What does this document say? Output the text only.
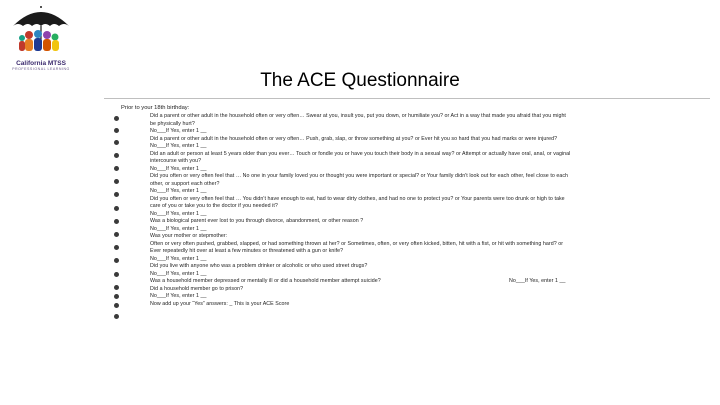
California MTSS
PROFESSIONAL LEARNING
The ACE Questionnaire
Prior to your 18th birthday:
Did a parent or other adult in the household often or very often… Swear at you, insult you, put you down, or humiliate you? or Act in a way that made you afraid that you might
be physically hurt?
No___If Yes, enter 1 __
Did a parent or other adult in the household often or very often… Push, grab, slap, or throw something at you? or Ever hit you so hard that you had marks or were injured?
No___If Yes, enter 1 __
Did an adult or person at least 5 years older than you ever… Touch or fondle you or have you touch their body in a sexual way? or Attempt or actually have oral, anal, or vaginal
intercourse with you?
No___If Yes, enter 1 __
Did you often or very often feel that … No one in your family loved you or thought you were important or special? or Your family didn't look out for each other, feel close to each
other, or support each other?
No___If Yes, enter 1 __
Did you often or very often feel that … You didn't have enough to eat, had to wear dirty clothes, and had no one to protect you? or Your parents were too drunk or high to take
care of you or take you to the doctor if you needed it?
No___If Yes, enter 1 __
Was a biological parent ever lost to you through divorce, abandonment, or other reason ?
No___If Yes, enter 1 __
Was your mother or stepmother:
Often or very often pushed, grabbed, slapped, or had something thrown at her? or Sometimes, often, or very often kicked, bitten, hit with a fist, or hit with something hard? or
Ever repeatedly hit over at least a few minutes or threatened with a gun or knife?
No___If Yes, enter 1 __
Did you live with anyone who was a problem drinker or alcoholic or who used street drugs?
No___If Yes, enter 1 __
Was a household member depressed or mentally ill or did a household member attempt suicide?	No___If Yes, enter 1 __
Did a household member go to prison?
No___If Yes, enter 1 __
Now add up your “Yes” answers: _ This is your ACE Score
